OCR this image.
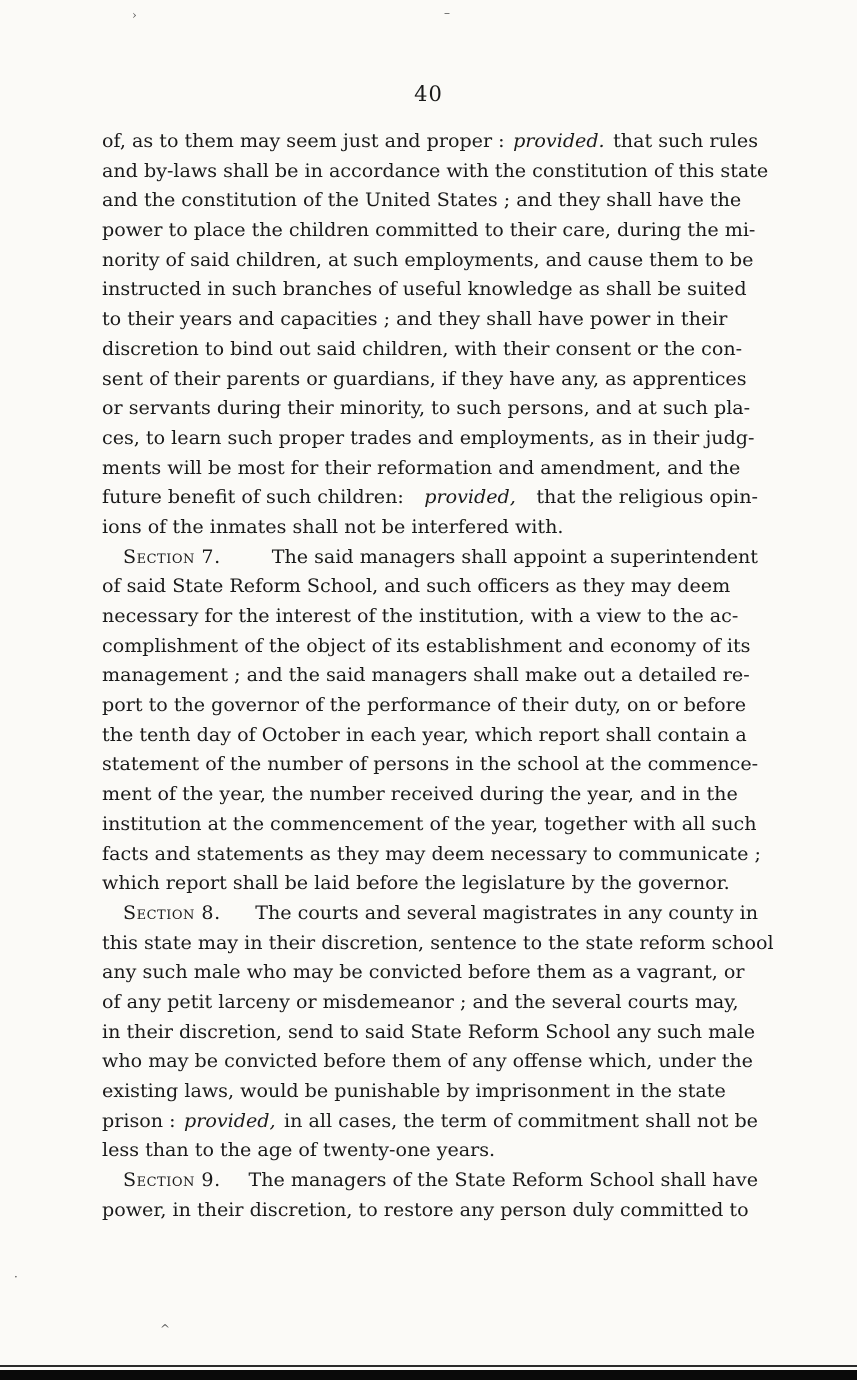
›	–
·
^
40
of, as to them may seem just and proper : provided. that such rules
and by-laws shall be in accordance with the constitution of this state
and the constitution of the United States ; and they shall have the
power to place the children committed to their care, during the mi-
nority of said children, at such employments, and cause them to be
instructed in such branches of useful knowledge as shall be suited
to their years and capacities ; and they shall have power in their
discretion to bind out said children, with their consent or the con-
sent of their parents or guardians, if they have any, as apprentices
or servants during their minority, to such persons, and at such pla-
ces, to learn such proper trades and employments, as in their judg-
ments will be most for their reformation and amendment, and the
future benefit of such children: provided, that the religious opin-
ions of the inmates shall not be interfered with.
Section 7.	The said managers shall appoint a superintendent
of said State Reform School, and such officers as they may deem
necessary for the interest of the institution, with a view to the ac-
complishment of the object of its establishment and economy of its
management ; and the said managers shall make out a detailed re-
port to the governor of the performance of their duty, on or before
the tenth day of October in each year, which report shall contain a
statement of the number of persons in the school at the commence-
ment of the year, the number received during the year, and in the
institution at the commencement of the year, together with all such
facts and statements as they may deem necessary to communicate ;
which report shall be laid before the legislature by the governor.
Section 8. The courts and several magistrates in any county in
this state may in their discretion, sentence to the state reform school
any such male who may be convicted before them as a vagrant, or
of any petit larceny or misdemeanor ; and the several courts may,
in their discretion, send to said State Reform School any such male
who may be convicted before them of any offense which, under the
existing laws, would be punishable by imprisonment in the state
prison : provided, in all cases, the term of commitment shall not be
less than to the age of twenty-one years.
Section 9. The managers of the State Reform School shall have
power, in their discretion, to restore any person duly committed to
